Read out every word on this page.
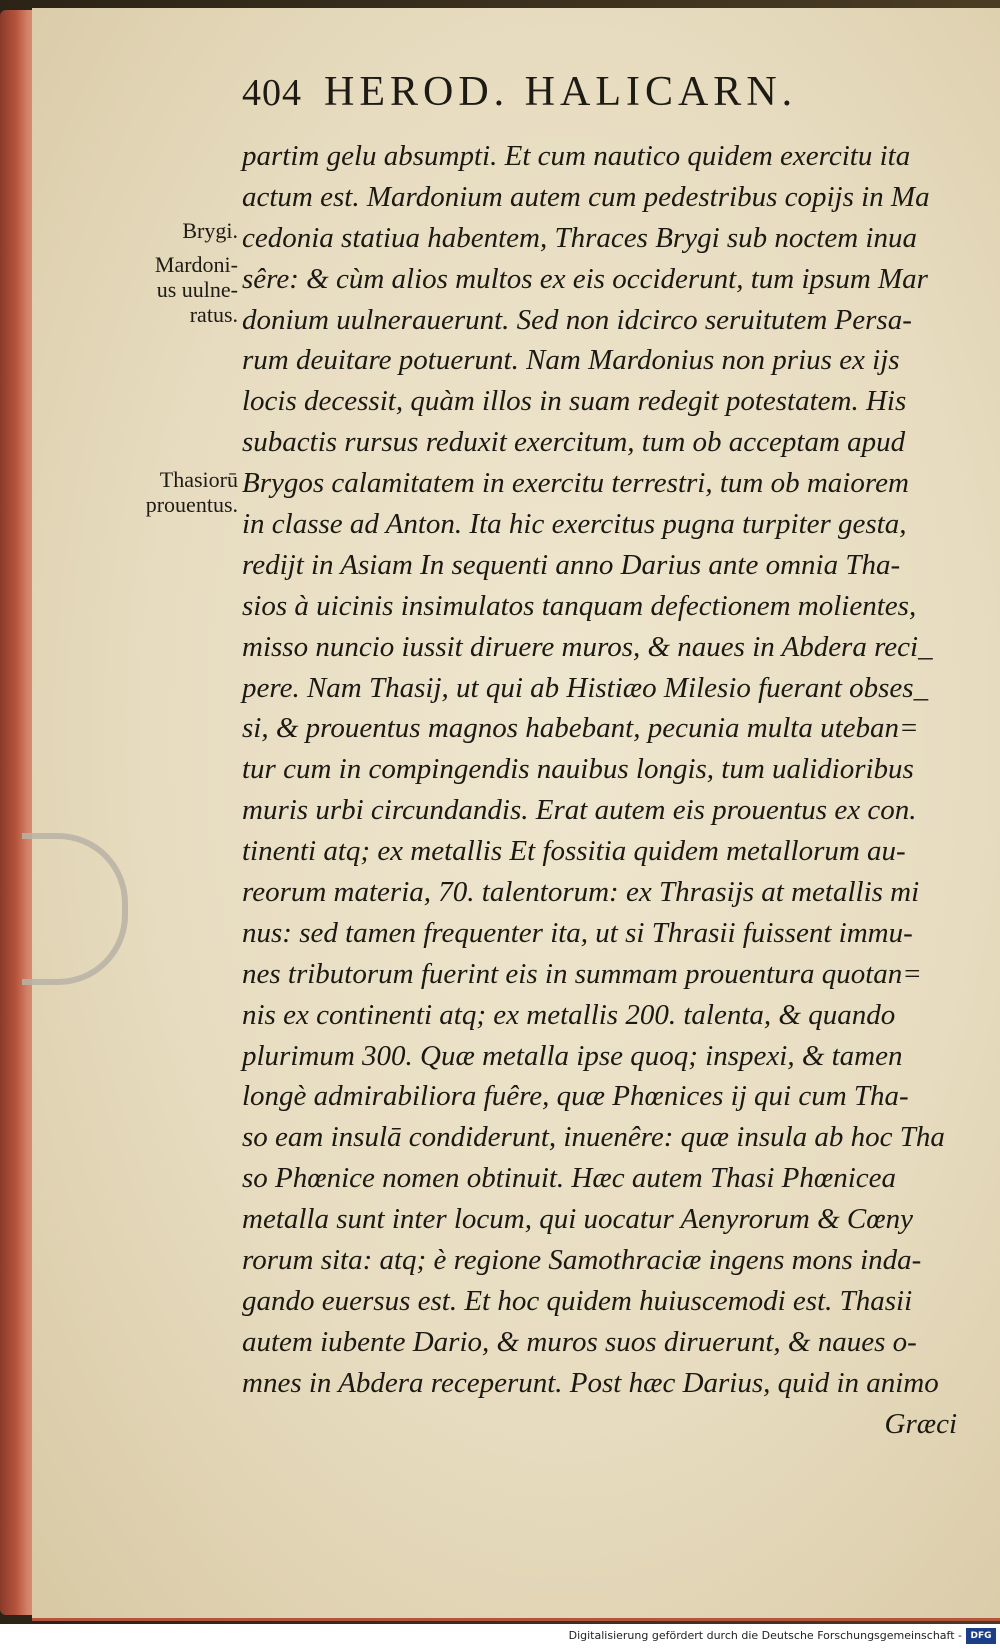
404 HEROD. HALICARN.
Brygi.
Mardoni-
us uulne-
ratus.
Thasiorū
prouentus.
partim gelu absumpti. Et cum nautico quidem exercitu ita
actum est. Mardonium autem cum pedestribus copijs in Ma
cedonia statiua habentem, Thraces Brygi sub noctem inua
sêre: & cùm alios multos ex eis occiderunt, tum ipsum Mar
donium uulnerauerunt. Sed non idcirco seruitutem Persa-
rum deuitare potuerunt. Nam Mardonius non prius ex ijs
locis decessit, quàm illos in suam redegit potestatem. His
subactis rursus reduxit exercitum, tum ob acceptam apud
Brygos calamitatem in exercitu terrestri, tum ob maiorem
in classe ad Anton. Ita hic exercitus pugna turpiter gesta,
redijt in Asiam In sequenti anno Darius ante omnia Tha-
sios à uicinis insimulatos tanquam defectionem molientes,
misso nuncio iussit diruere muros, & naues in Abdera reci_
pere. Nam Thasij, ut qui ab Histiæo Milesio fuerant obses_
si, & prouentus magnos habebant, pecunia multa uteban=
tur cum in compingendis nauibus longis, tum ualidioribus
muris urbi circundandis. Erat autem eis prouentus ex con.
tinenti atq; ex metallis Et fossitia quidem metallorum au-
reorum materia, 70. talentorum: ex Thrasijs at metallis mi
nus: sed tamen frequenter ita, ut si Thrasii fuissent immu-
nes tributorum fuerint eis in summam prouentura quotan=
nis ex continenti atq; ex metallis 200. talenta, & quando
plurimum 300. Quæ metalla ipse quoq; inspexi, & tamen
longè admirabiliora fuêre, quæ Phœnices ij qui cum Tha-
so eam insulā condiderunt, inuenêre: quæ insula ab hoc Tha
so Phœnice nomen obtinuit. Hæc autem Thasi Phœnicea
metalla sunt inter locum, qui uocatur Aenyrorum & Cœny
rorum sita: atq; è regione Samothraciæ ingens mons inda-
gando euersus est. Et hoc quidem huiuscemodi est. Thasii
autem iubente Dario, & muros suos diruerunt, & naues o-
mnes in Abdera receperunt. Post hæc Darius, quid in animo
Græci
Digitalisierung gefördert durch die Deutsche Forschungsgemeinschaft - DFG
